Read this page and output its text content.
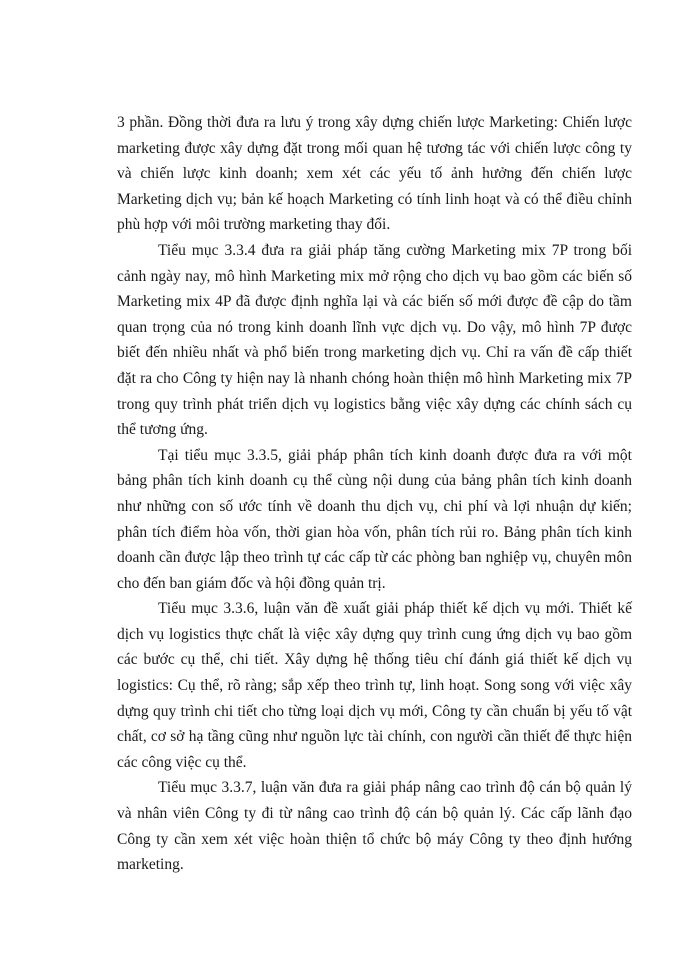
3 phần. Đồng thời đưa ra lưu ý trong xây dựng chiến lược Marketing: Chiến lược marketing được xây dựng đặt trong mối quan hệ tương tác với chiến lược công ty và chiến lược kinh doanh; xem xét các yếu tố ảnh hưởng đến chiến lược Marketing dịch vụ; bản kế hoạch Marketing có tính linh hoạt và có thể điều chỉnh phù hợp với môi trường marketing thay đổi.

Tiểu mục 3.3.4 đưa ra giải pháp tăng cường Marketing mix 7P trong bối cảnh ngày nay, mô hình Marketing mix mở rộng cho dịch vụ bao gồm các biến số Marketing mix 4P đã được định nghĩa lại và các biến số mới được đề cập do tầm quan trọng của nó trong kinh doanh lĩnh vực dịch vụ. Do vậy, mô hình 7P được biết đến nhiều nhất và phổ biến trong marketing dịch vụ. Chỉ ra vấn đề cấp thiết đặt ra cho Công ty hiện nay là nhanh chóng hoàn thiện mô hình Marketing mix 7P trong quy trình phát triển dịch vụ logistics bằng việc xây dựng các chính sách cụ thể tương ứng.

Tại tiểu mục 3.3.5, giải pháp phân tích kinh doanh được đưa ra với một bảng phân tích kinh doanh cụ thể cùng nội dung của bảng phân tích kinh doanh như những con số ước tính về doanh thu dịch vụ, chi phí và lợi nhuận dự kiến; phân tích điểm hòa vốn, thời gian hòa vốn, phân tích rủi ro. Bảng phân tích kinh doanh cần được lập theo trình tự các cấp từ các phòng ban nghiệp vụ, chuyên môn cho đến ban giám đốc và hội đồng quản trị.

Tiểu mục 3.3.6, luận văn đề xuất giải pháp thiết kế dịch vụ mới. Thiết kế dịch vụ logistics thực chất là việc xây dựng quy trình cung ứng dịch vụ bao gồm các bước cụ thể, chi tiết. Xây dựng hệ thống tiêu chí đánh giá thiết kế dịch vụ logistics: Cụ thể, rõ ràng; sắp xếp theo trình tự, linh hoạt. Song song với việc xây dựng quy trình chi tiết cho từng loại dịch vụ mới, Công ty cần chuẩn bị yếu tố vật chất, cơ sở hạ tầng cũng như nguồn lực tài chính, con người cần thiết để thực hiện các công việc cụ thể.

Tiểu mục 3.3.7, luận văn đưa ra giải pháp nâng cao trình độ cán bộ quản lý và nhân viên Công ty đi từ nâng cao trình độ cán bộ quản lý. Các cấp lãnh đạo Công ty cần xem xét việc hoàn thiện tổ chức bộ máy Công ty theo định hướng marketing.
